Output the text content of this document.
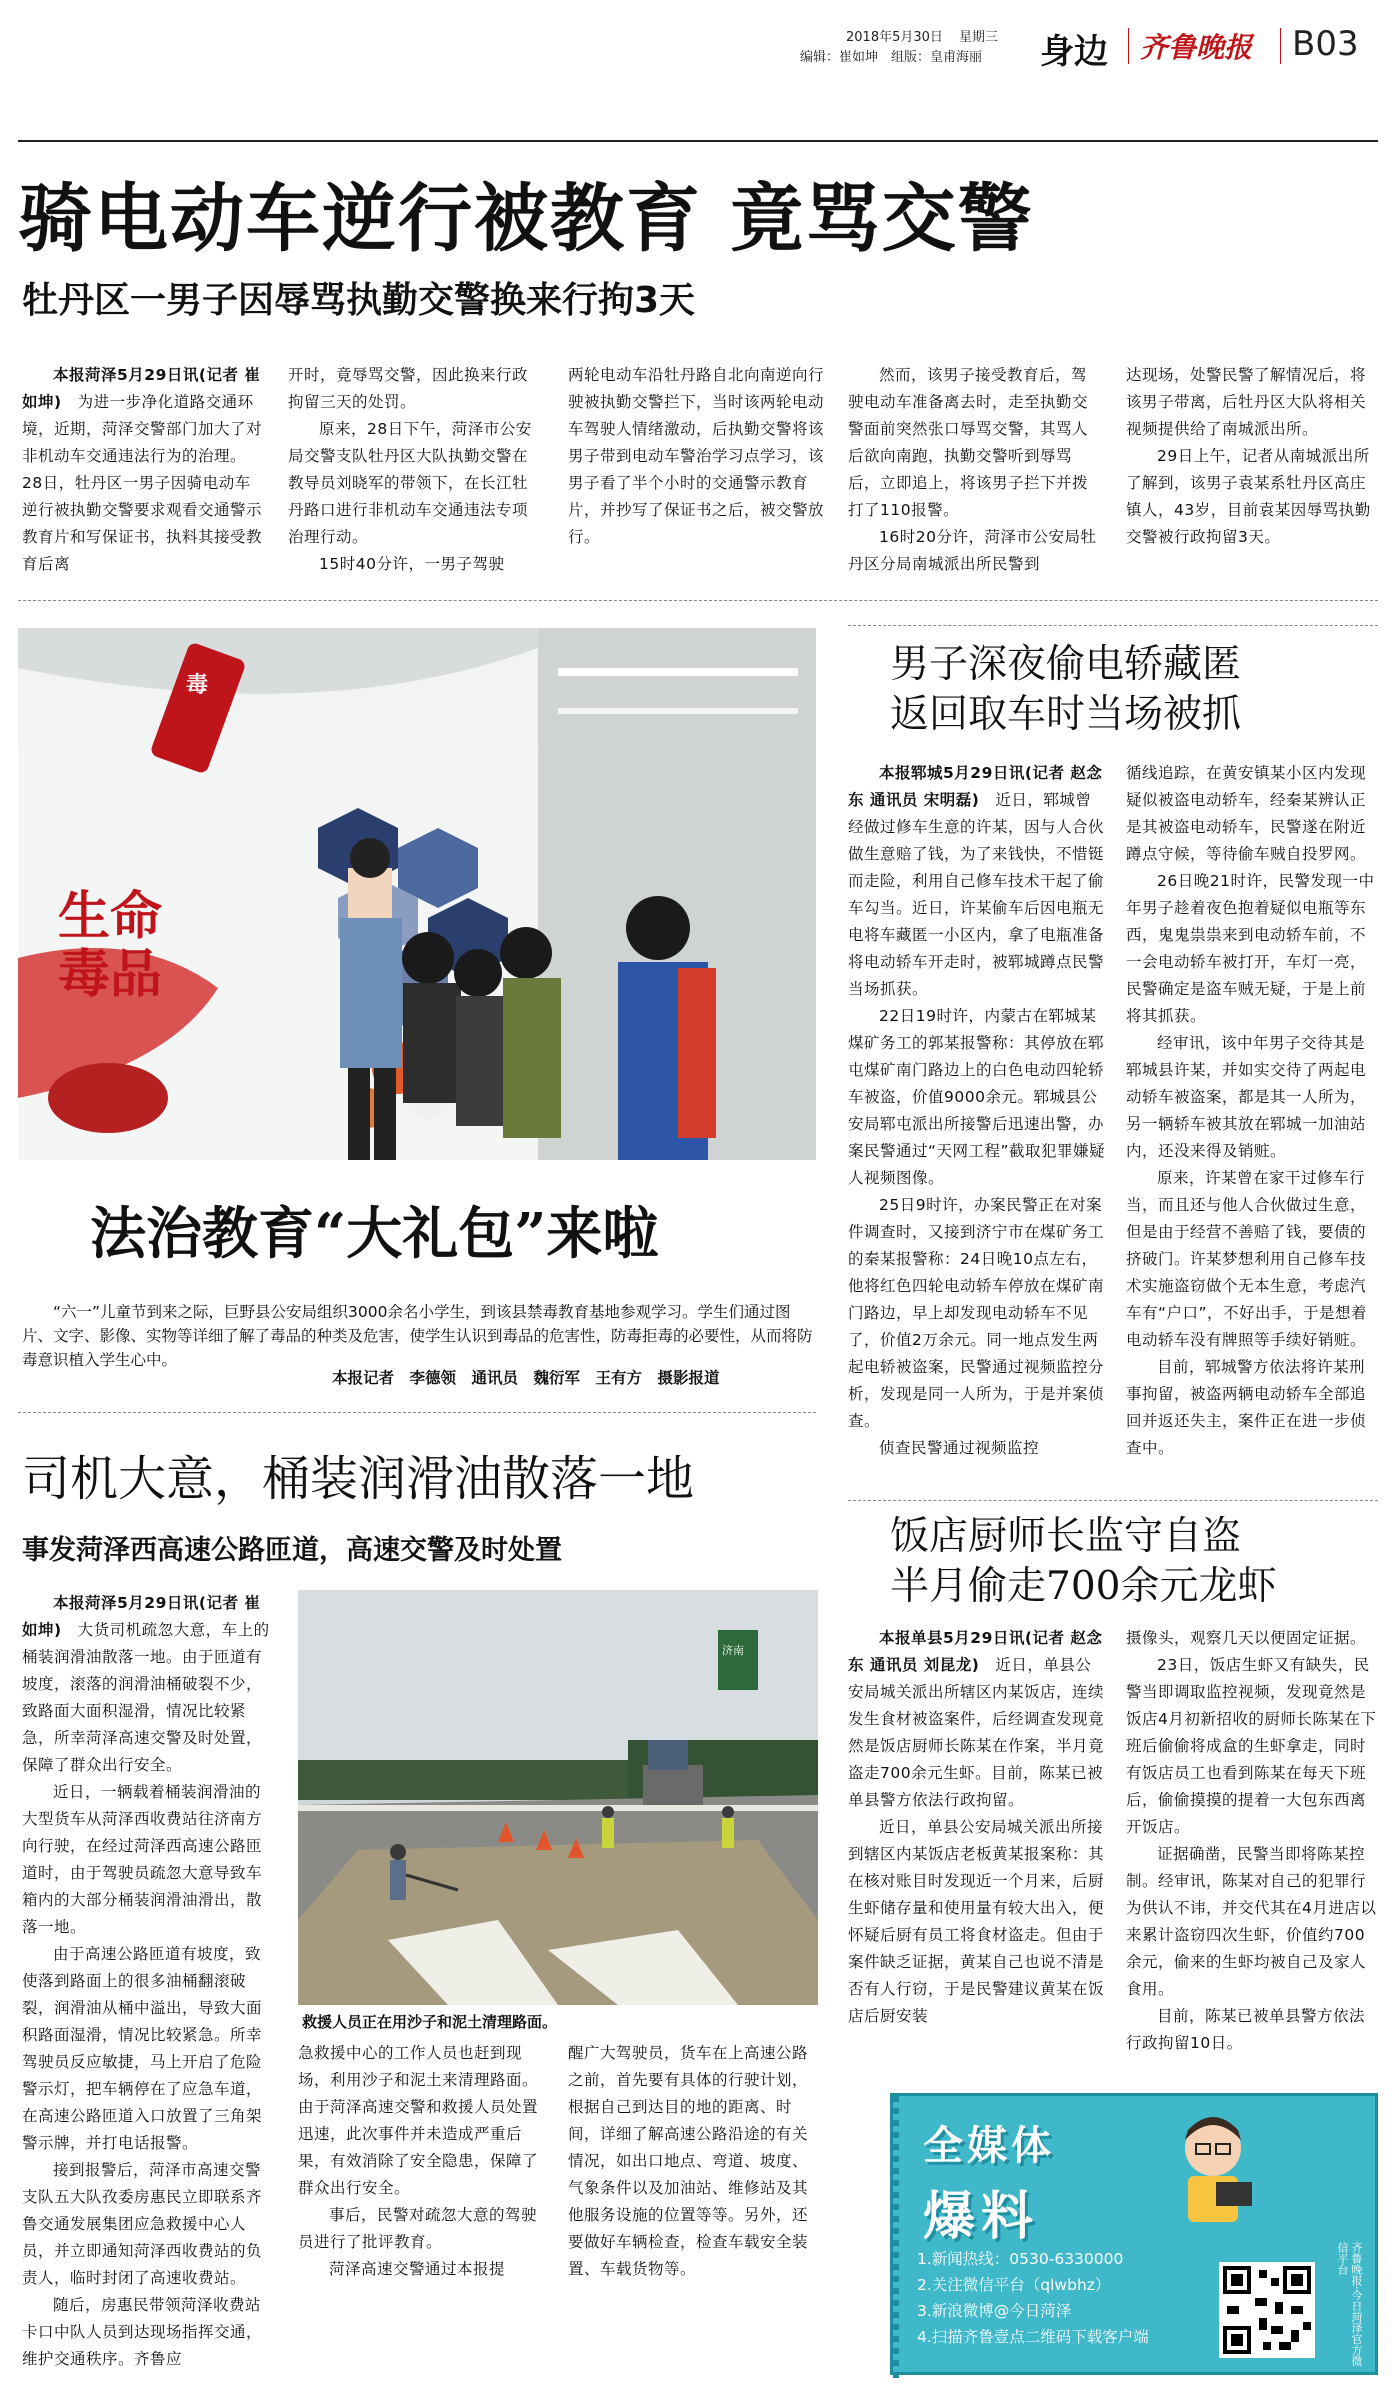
2018年5月30日 星期三
编辑：崔如坤　组版：皇甫海丽 身边 齐鲁晚报 B03
骑电动车逆行被教育 竟骂交警
牡丹区一男子因辱骂执勤交警换来行拘3天

本报菏泽5月29日讯(记者 崔如坤)　 为进一步净化道路交通环境，近期，菏泽交警部门加大了对非机动车交通违法行为的治理。28日，牡丹区一男子因骑电动车逆行被执勤交警要求观看交通警示教育片和写保证书，执料其接受教育后离

开时，竟辱骂交警，因此换来行政拘留三天的处罚。

原来，28日下午，菏泽市公安局交警支队牡丹区大队执勤交警在教导员刘晓军的带领下，在长江牡丹路口进行非机动车交通违法专项治理行动。

15时40分许，一男子驾驶

两轮电动车沿牡丹路自北向南逆向行驶被执勤交警拦下，当时该两轮电动车驾驶人情绪激动，后执勤交警将该男子带到电动车警治学习点学习，该男子看了半个小时的交通警示教育片，并抄写了保证书之后，被交警放行。

然而，该男子接受教育后，驾驶电动车准备离去时，走至执勤交警面前突然张口辱骂交警，其骂人后欲向南跑，执勤交警听到辱骂后，立即追上，将该男子拦下并拨打了110报警。

16时20分许，菏泽市公安局牡丹区分局南城派出所民警到

达现场，处警民警了解情况后，将该男子带离，后牡丹区大队将相关视频提供给了南城派出所。

29日上午，记者从南城派出所了解到，该男子袁某系牡丹区高庄镇人，43岁，目前袁某因辱骂执勤交警被行政拘留3天。

生命
毒品
毒
法治教育“大礼包”来啦
“六一”儿童节到来之际，巨野县公安局组织3000余名小学生，到该县禁毒教育基地参观学习。学生们通过图片、文字、影像、实物等详细了解了毒品的种类及危害，使学生认识到毒品的危害性，防毒拒毒的必要性，从而将防毒意识植入学生心中。
本报记者　李德领　通讯员　魏衍军　王有方　摄影报道
男子深夜偷电轿藏匿
返回取车时当场被抓

本报郓城5月29日讯(记者 赵念东 通讯员 宋明磊)　 近日，郓城曾经做过修车生意的许某，因与人合伙做生意赔了钱，为了来钱快，不惜铤而走险，利用自己修车技术干起了偷车勾当。近日，许某偷车后因电瓶无电将车藏匿一小区内，拿了电瓶准备将电动轿车开走时，被郓城蹲点民警当场抓获。

22日19时许，内蒙古在郓城某煤矿务工的郭某报警称：其停放在郓屯煤矿南门路边上的白色电动四轮轿车被盗，价值9000余元。郓城县公安局郓屯派出所接警后迅速出警，办案民警通过“天网工程”截取犯罪嫌疑人视频图像。

25日9时许，办案民警正在对案件调查时，又接到济宁市在煤矿务工的秦某报警称：24日晚10点左右，他将红色四轮电动轿车停放在煤矿南门路边，早上却发现电动轿车不见了，价值2万余元。同一地点发生两起电轿被盗案，民警通过视频监控分析，发现是同一人所为，于是并案侦查。

侦查民警通过视频监控

循线追踪，在黄安镇某小区内发现疑似被盗电动轿车，经秦某辨认正是其被盗电动轿车，民警遂在附近蹲点守候，等待偷车贼自投罗网。

26日晚21时许，民警发现一中年男子趁着夜色抱着疑似电瓶等东西，鬼鬼祟祟来到电动轿车前，不一会电动轿车被打开，车灯一亮，民警确定是盗车贼无疑，于是上前将其抓获。

经审讯，该中年男子交待其是郓城县许某，并如实交待了两起电动轿车被盗案，都是其一人所为，另一辆轿车被其放在郓城一加油站内，还没来得及销赃。

原来，许某曾在家干过修车行当，而且还与他人合伙做过生意，但是由于经营不善赔了钱，要债的挤破门。许某梦想利用自己修车技术实施盗窃做个无本生意，考虑汽车有“户口”，不好出手，于是想着电动轿车没有牌照等手续好销赃。

目前，郓城警方依法将许某刑事拘留，被盗两辆电动轿车全部追回并返还失主，案件正在进一步侦查中。

饭店厨师长监守自盗
半月偷走700余元龙虾

本报单县5月29日讯(记者 赵念东 通讯员 刘昆龙)　 近日，单县公安局城关派出所辖区内某饭店，连续发生食材被盗案件，后经调查发现竟然是饭店厨师长陈某在作案，半月竟盗走700余元生虾。目前，陈某已被单县警方依法行政拘留。

近日，单县公安局城关派出所接到辖区内某饭店老板黄某报案称：其在核对账目时发现近一个月来，后厨生虾储存量和使用量有较大出入，便怀疑后厨有员工将食材盗走。但由于案件缺乏证据，黄某自己也说不清是否有人行窃，于是民警建议黄某在饭店后厨安装

摄像头，观察几天以便固定证据。

23日，饭店生虾又有缺失，民警当即调取监控视频，发现竟然是饭店4月初新招收的厨师长陈某在下班后偷偷将成盒的生虾拿走，同时有饭店员工也看到陈某在每天下班后，偷偷摸摸的提着一大包东西离开饭店。

证据确凿，民警当即将陈某控制。经审讯，陈某对自己的犯罪行为供认不讳，并交代其在4月进店以来累计盗窃四次生虾，价值约700余元，偷来的生虾均被自己及家人食用。

目前，陈某已被单县警方依法行政拘留10日。

全媒体
爆料
1.新闻热线：0530-6330000
2.关注微信平台（qlwbhz）
3.新浪微博@今日菏泽
4.扫描齐鲁壹点二维码下载客户端	齐鲁晚报·今日菏泽官方微信平台
司机大意，桶装润滑油散落一地
事发菏泽西高速公路匝道，高速交警及时处置

本报菏泽5月29日讯(记者 崔如坤)　 大货司机疏忽大意，车上的桶装润滑油散落一地。由于匝道有坡度，滚落的润滑油桶破裂不少，致路面大面积湿滑，情况比较紧急，所幸菏泽高速交警及时处置，保障了群众出行安全。

近日，一辆载着桶装润滑油的大型货车从菏泽西收费站往济南方向行驶，在经过菏泽西高速公路匝道时，由于驾驶员疏忽大意导致车箱内的大部分桶装润滑油滑出，散落一地。

由于高速公路匝道有坡度，致使落到路面上的很多油桶翻滚破裂，润滑油从桶中溢出，导致大面积路面湿滑，情况比较紧急。所幸驾驶员反应敏捷，马上开启了危险警示灯，把车辆停在了应急车道，在高速公路匝道入口放置了三角架警示牌，并打电话报警。

接到报警后，菏泽市高速交警支队五大队孜委房惠民立即联系齐鲁交通发展集团应急救援中心人员，并立即通知菏泽西收费站的负责人，临时封闭了高速收费站。

随后，房惠民带领菏泽收费站卡口中队人员到达现场指挥交通，维护交通秩序。齐鲁应

济南
救援人员正在用沙子和泥土清理路面。

急救援中心的工作人员也赶到现场，利用沙子和泥土来清理路面。由于菏泽高速交警和救援人员处置迅速，此次事件并未造成严重后果，有效消除了安全隐患，保障了群众出行安全。

事后，民警对疏忽大意的驾驶员进行了批评教育。

菏泽高速交警通过本报提

醒广大驾驶员，货车在上高速公路之前，首先要有具体的行驶计划，根据自己到达目的地的距离、时间，详细了解高速公路沿途的有关情况，如出口地点、弯道、坡度、气象条件以及加油站、维修站及其他服务设施的位置等等。另外，还要做好车辆检查，检查车载安全装置、车载货物等。
